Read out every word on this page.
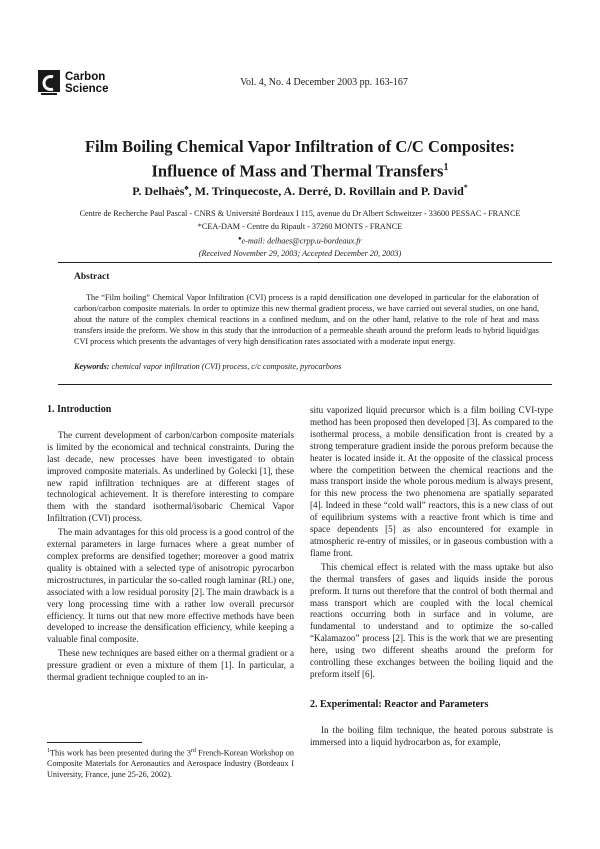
Carbon
Science
Vol. 4, No. 4 December 2003 pp. 163-167
Film Boiling Chemical Vapor Infiltration of C/C Composites:
Influence of Mass and Thermal Transfers$^1$
P. Delhaès♠, M. Trinquecoste, A. Derré, D. Rovillain and P. David*
Centre de Recherche Paul Pascal - CNRS & Université Bordeaux I 115, avenue du Dr Albert Schweitzer - 33600 PESSAC - FRANCE
*CEA-DAM - Centre du Ripault - 37260 MONTS - FRANCE
♠e-mail: delhaes@crpp.u-bordeaux.fr
(Received November 29, 2003; Accepted December 20, 2003)
Abstract
The “Film boiling” Chemical Vapor Infiltration (CVI) process is a rapid densification one developed in particular for the elaboration of carbon/carbon composite materials. In order to optimize this new thermal gradient process, we have carried out several studies, on one hand, about the nature of the complex chemical reactions in a confined medium, and on the other hand, relative to the role of heat and mass transfers inside the preform. We show in this study that the introduction of a permeable sheath around the preform leads to hybrid liquid/gas CVI process which presents the advantages of very high densification rates associated with a moderate input energy.
Keywords: chemical vapor infiltration (CVI) process, c/c composite, pyrocarbons
1. Introduction

The current development of carbon/carbon composite materials is limited by the economical and technical constraints. During the last decade, new processes have been investigated to obtain improved composite materials. As underlined by Golecki [1], these new rapid infiltration techniques are at different stages of technological achievement. It is therefore interesting to compare them with the standard isothermal/isobaric Chemical Vapor Infiltration (CVI) process.

The main advantages for this old process is a good control of the external parameters in large furnaces where a great number of complex preforms are densified together; moreover a good matrix quality is obtained with a selected type of anisotropic pyrocarbon microstructures, in particular the so-called rough laminar (RL) one, associated with a low residual porosity [2]. The main drawback is a very long processing time with a rather low overall precursor efficiency. It turns out that new more effective methods have been developed to increase the densification efficiency, while keeping a valuable final composite.

These new techniques are based either on a thermal gradient or a pressure gradient or even a mixture of them [1]. In particular, a thermal gradient technique coupled to an in-

$^1$This work has been presented during the 3rd French-Korean Workshop on Composite Materials for Aeronautics and Aerospace Industry (Bordeaux I University, France, june 25-26, 2002).

situ vaporized liquid precursor which is a film boiling CVI-type method has been proposed then developed [3]. As compared to the isothermal process, a mobile densification front is created by a strong temperature gradient inside the porous preform because the heater is located inside it. At the opposite of the classical process where the competition between the chemical reactions and the mass transport inside the whole porous medium is always present, for this new process the two phenomena are spatially separated [4]. Indeed in these “cold wall” reactors, this is a new class of out of equilibrium systems with a reactive front which is time and space dependents [5] as also encountered for example in atmospheric re-entry of missiles, or in gaseous combustion with a flame front.

This chemical effect is related with the mass uptake but also the thermal transfers of gases and liquids inside the porous preform. It turns out therefore that the control of both thermal and mass transport which are coupled with the local chemical reactions occurring both in surface and in volume, are fundamental to understand and to optimize the so-called “Kalamazoo” process [2]. This is the work that we are presenting here, using two different sheaths around the preform for controlling these exchanges between the boiling liquid and the preform itself [6].

2. Experimental: Reactor and Parameters

In the boiling film technique, the heated porous substrate is immersed into a liquid hydrocarbon as, for example,
